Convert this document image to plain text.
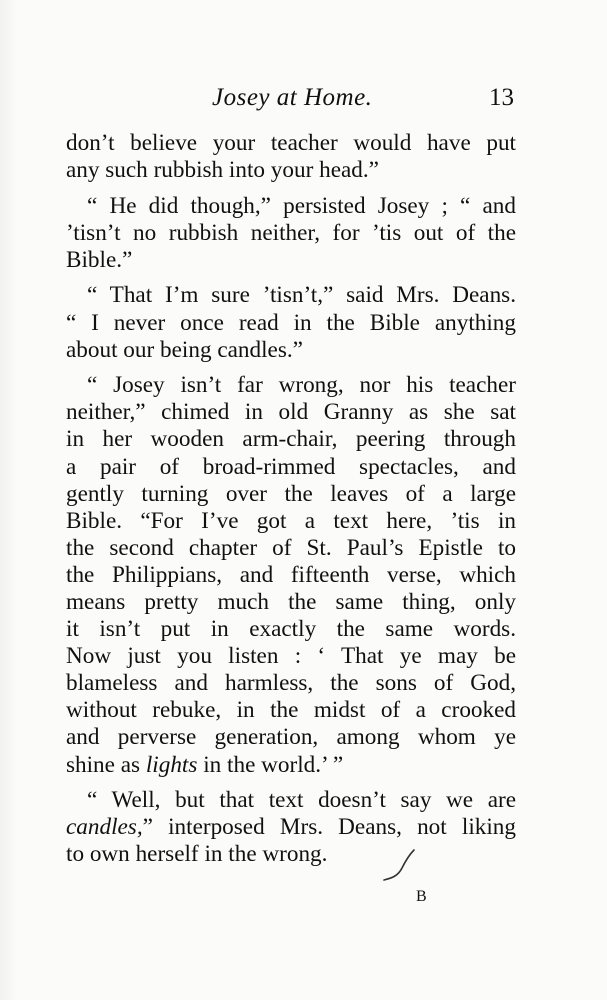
Josey at Home.	13
don’t believe your teacher would have put
any such rubbish into your head.”
“ He did though,” persisted Josey ; “ and
’tisn’t no rubbish neither, for ’tis out of the
Bible.”
“ That I’m sure ’tisn’t,” said Mrs. Deans.
“ I never once read in the Bible anything
about our being candles.”
“ Josey isn’t far wrong, nor his teacher
neither,” chimed in old Granny as she sat
in her wooden arm-chair, peering through
a pair of broad-rimmed spectacles, and
gently turning over the leaves of a large
Bible. “For I’ve got a text here, ’tis in
the second chapter of St. Paul’s Epistle to
the Philippians, and fifteenth verse, which
means pretty much the same thing, only
it isn’t put in exactly the same words.
Now just you listen : ‘ That ye may be
blameless and harmless, the sons of God,
without rebuke, in the midst of a crooked
and perverse generation, among whom ye
shine as lights in the world.’ ”
“ Well, but that text doesn’t say we are
candles,” interposed Mrs. Deans, not liking
to own herself in the wrong.
B
